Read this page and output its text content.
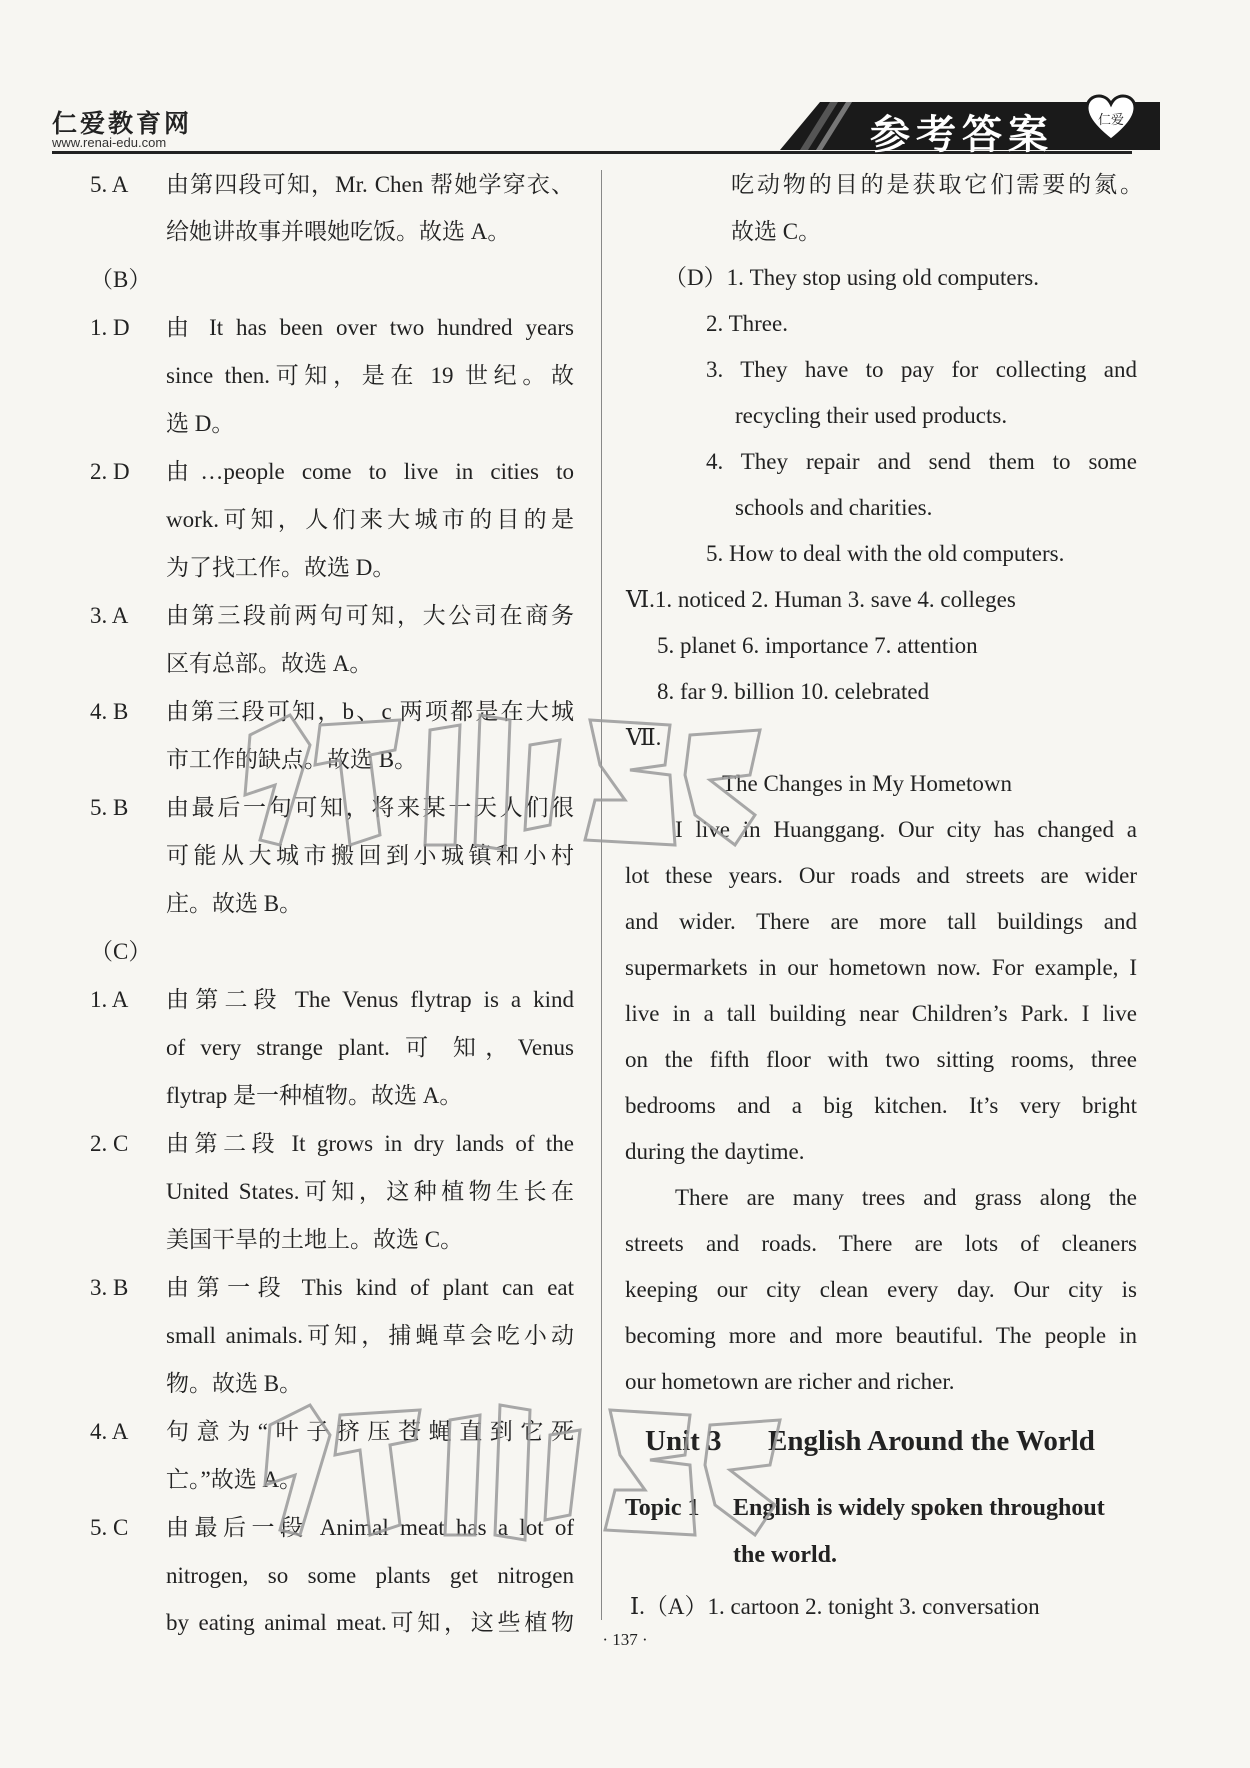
仁爱教育网
www.renai-edu.com	参考答案	仁爱
5. A 由第四段可知，Mr. Chen 帮她学穿衣、
给她讲故事并喂她吃饭。故选 A。
（B）
1. D 由 It has been over two hundred years
since then.可知，是在 19 世纪。故
选 D。
2. D 由…people come to live in cities to
work.可知，人们来大城市的目的是
为了找工作。故选 D。
3. A 由第三段前两句可知，大公司在商务
区有总部。故选 A。
4. B 由第三段可知，b、c 两项都是在大城
市工作的缺点。故选 B。
5. B 由最后一句可知，将来某一天人们很
可能从大城市搬回到小城镇和小村
庄。故选 B。
（C）
1. A 由第二段 The Venus flytrap is a kind
of very strange plant. 可 知，Venus
flytrap 是一种植物。故选 A。
2. C 由第二段 It grows in dry lands of the
United States.可知，这种植物生长在
美国干旱的土地上。故选 C。
3. B 由第一段 This kind of plant can eat
small animals.可知，捕蝇草会吃小动
物。故选 B。
4. A 句意为“叶子挤压苍蝇直到它死
亡。”故选 A。
5. C 由最后一段 Animal meat has a lot of
nitrogen, so some plants get nitrogen
by eating animal meat.可知，这些植物
吃动物的目的是获取它们需要的氮。
故选 C。
（D）1. They stop using old computers.
2. Three.
3. They have to pay for collecting and
recycling their used products.
4. They repair and send them to some
schools and charities.
5. How to deal with the old computers.
Ⅵ.1. noticed 2. Human 3. save 4. colleges
5. planet 6. importance 7. attention
8. far 9. billion 10. celebrated
Ⅶ.
The Changes in My Hometown
I live in Huanggang. Our city has changed a
lot these years. Our roads and streets are wider
and wider. There are more tall buildings and
supermarkets in our hometown now. For example, I
live in a tall building near Children’s Park. I live
on the fifth floor with two sitting rooms, three
bedrooms and a big kitchen. It’s very bright
during the daytime.
There are many trees and grass along the
streets and roads. There are lots of cleaners
keeping our city clean every day. Our city is
becoming more and more beautiful. The people in
our hometown are richer and richer.
Unit 3 English Around the World
Topic 1 English is widely spoken throughout
the world.
Ⅰ.（A）1. cartoon 2. tonight 3. conversation
· 137 ·
